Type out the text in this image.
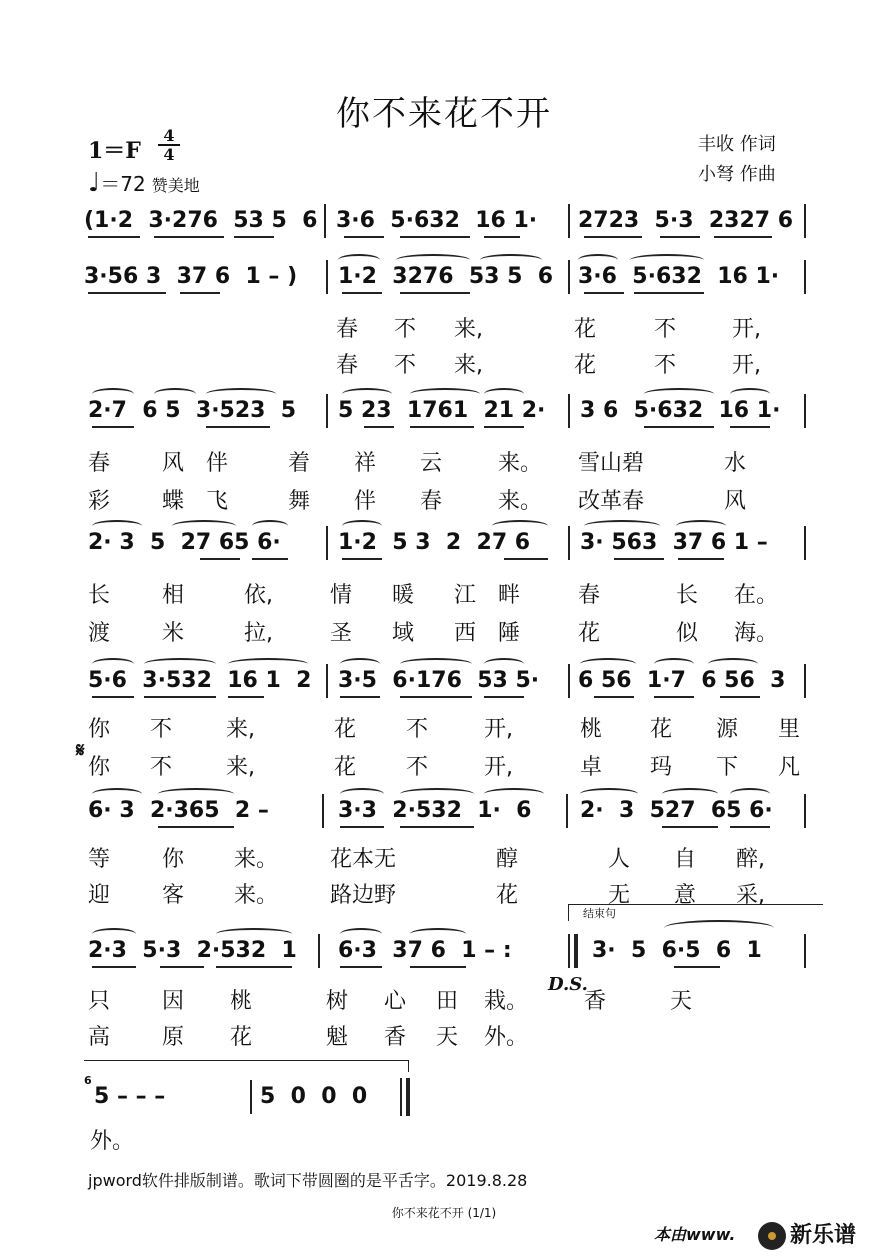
你不来花不开
1＝F
4
4
♩＝72 赞美地
丰收 作词
小弩 作曲
(1·2  3·276  53 5  6 3·6  5·632  16 1· 2723  5·3  2327 6
3·56 3  37 6  1 – ) 1·2  3276  53 5  6 3·6  5·632  16 1·
春 不 来,	花	不	开,
春 不 来,	花	不	开,
2·7  6 5  3·523  5 5 23  1761  21 2· 3 6  5·632  16 1·
春 风 伴	着 祥 云	来。 雪山碧	水
彩 蝶 飞	舞 伴 春	来。 改革春	风
2· 3  5  27 65 6·	1·2  5 3  2  27 6 3· 563  37 6 1 –
长 相	依,	情 暖 江 畔	春	长 在。
渡 米	拉,	圣 域 西 陲	花	似 海。
5·6  3·532  16 1  2 3·5  6·176  53 5· 6 56  1·7  6 56  3
你 不 来,	花 不	开,	桃 花 源 里
𝄋
你 不 来,	花 不	开,	卓 玛 下 凡
6· 3  2·365  2 –	3·3  2·532  1·  6 2·  3  527  65 6·
等 你 来。 花本无	醇	人 自 醉,
迎 客 来。 路边野	花	无 意 采,
结束句
2·3  5·3  2·532  1 6·3  37 6  1 – :	3·  5  6·5  6  1
D.S.
只 因 桃	树 心 田 栽。	香	天
高 原 花	魁 香 天 外。
6
5 – – –	5  0  0  0
外。
jpword软件排版制谱。歌词下带圆圈的是平舌字。2019.8.28
你不来花不开 (1/1)
本由www.	新乐谱
